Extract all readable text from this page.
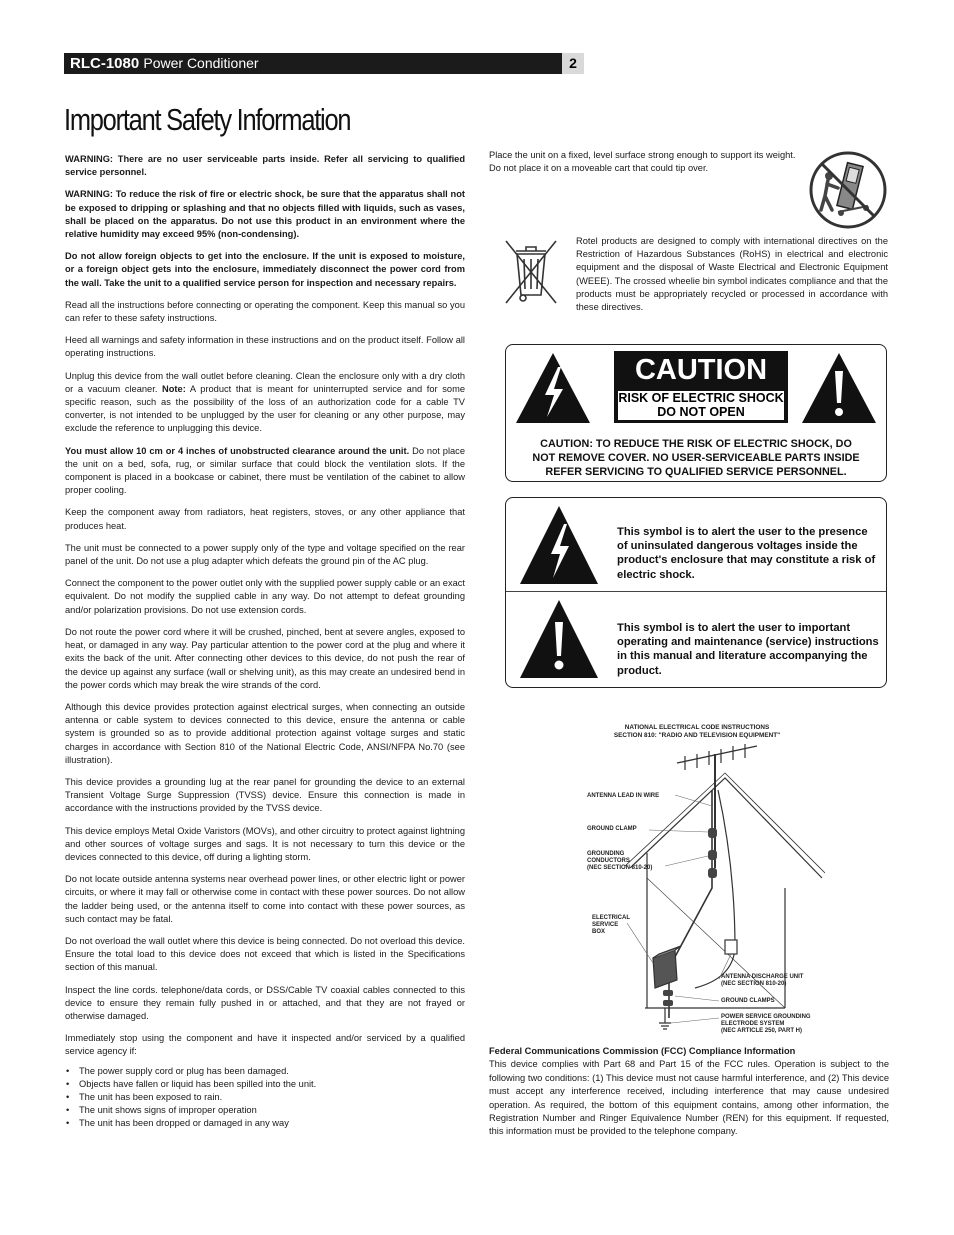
RLC-1080 Power Conditioner	2
Important Safety Information

WARNING: There are no user serviceable parts inside. Refer all servicing to qualified service personnel.

WARNING: To reduce the risk of fire or electric shock, be sure that the apparatus shall not be exposed to dripping or splashing and that no objects filled with liquids, such as vases, shall be placed on the apparatus. Do not use this product in an environment where the relative humidity may exceed 95% (non-condensing).

Do not allow foreign objects to get into the enclosure. If the unit is exposed to moisture, or a foreign object gets into the enclosure, immediately disconnect the power cord from the wall. Take the unit to a qualified service person for inspection and necessary repairs.

Read all the instructions before connecting or operating the component. Keep this manual so you can refer to these safety instructions.

Heed all warnings and safety information in these instructions and on the product itself. Follow all operating instructions.

Unplug this device from the wall outlet before cleaning. Clean the enclosure only with a dry cloth or a vacuum cleaner. Note: A product that is meant for uninterrupted service and for some specific reason, such as the possibility of the loss of an authorization code for a cable TV converter, is not intended to be unplugged by the user for cleaning or any other purpose, may exclude the reference to unplugging this device.

You must allow 10 cm or 4 inches of unobstructed clearance around the unit. Do not place the unit on a bed, sofa, rug, or similar surface that could block the ventilation slots. If the component is placed in a bookcase or cabinet, there must be ventilation of the cabinet to allow proper cooling.

Keep the component away from radiators, heat registers, stoves, or any other appliance that produces heat.

The unit must be connected to a power supply only of the type and voltage specified on the rear panel of the unit. Do not use a plug adapter which defeats the ground pin of the AC plug.

Connect the component to the power outlet only with the supplied power supply cable or an exact equivalent. Do not modify the supplied cable in any way. Do not attempt to defeat grounding and/or polarization provisions. Do not use extension cords.

Do not route the power cord where it will be crushed, pinched, bent at severe angles, exposed to heat, or damaged in any way. Pay particular attention to the power cord at the plug and where it exits the back of the unit. After connecting other devices to this device, do not push the rear of the device up against any surface (wall or shelving unit), as this may create an undesired bend in the power cords which may break the wire strands of the cord.

Although this device provides protection against electrical surges, when connecting an outside antenna or cable system to devices connected to this device, ensure the antenna or cable system is grounded so as to provide additional protection against voltage surges and static charges in accordance with Section 810 of the National Electric Code, ANSI/NFPA No.70 (see illustration).

This device provides a grounding lug at the rear panel for grounding the device to an external Transient Voltage Surge Suppression (TVSS) device. Ensure this connection is made in accordance with the instructions provided by the TVSS device.

This device employs Metal Oxide Varistors (MOVs), and other circuitry to protect against lightning and other sources of voltage surges and sags. It is not necessary to turn this device or the devices connected to this device, off during a lighting storm.

Do not locate outside antenna systems near overhead power lines, or other electric light or power circuits, or where it may fall or otherwise come in contact with these power sources. Do not allow the ladder being used, or the antenna itself to come into contact with these power sources, as such contact may be fatal.

Do not overload the wall outlet where this device is being connected. Do not overload this device. Ensure the total load to this device does not exceed that which is listed in the Specifications section of this manual.

Inspect the line cords. telephone/data cords, or DSS/Cable TV coaxial cables connected to this device to ensure they remain fully pushed in or attached, and that they are not frayed or otherwise damaged.

Immediately stop using the component and have it inspected and/or serviced by a qualified service agency if:

• The power supply cord or plug has been damaged.
• Objects have fallen or liquid has been spilled into the unit.
• The unit has been exposed to rain.
• The unit shows signs of improper operation
• The unit has been dropped or damaged in any way

Place the unit on a fixed, level surface strong enough to support its weight.

Do not place it on a moveable cart that could tip over.

Rotel products are designed to comply with international directives on the Restriction of Hazardous Substances (RoHS) in electrical and electronic equipment and the disposal of Waste Electrical and Electronic Equipment (WEEE). The crossed wheelie bin symbol indicates compliance and that the products must be appropriately recycled or processed in accordance with these directives.

CAUTION
RISK OF ELECTRIC SHOCK
DO NOT OPEN
CAUTION: TO REDUCE THE RISK OF ELECTRIC SHOCK, DO
NOT REMOVE COVER. NO USER-SERVICEABLE PARTS INSIDE
REFER SERVICING TO QUALIFIED SERVICE PERSONNEL.
This symbol is to alert the user to the presence of uninsulated dangerous voltages inside the product's enclosure that may constitute a risk of electric shock.
This symbol is to alert the user to important operating and maintenance (service) instructions in this manual and literature accompanying the product.
NATIONAL ELECTRICAL CODE INSTRUCTIONS
SECTION 810: "RADIO AND TELEVISION EQUIPMENT"
ANTENNA LEAD IN WIRE
GROUND CLAMP
GROUNDING
CONDUCTORS
(NEC SECTION 810-20)
ELECTRICAL
SERVICE
BOX
ANTENNA DISCHARGE UNIT
(NEC SECTION 810-20)
GROUND CLAMPS
POWER SERVICE GROUNDING
ELECTRODE SYSTEM
(NEC ARTICLE 250, PART H)

Federal Communications Commission (FCC) Compliance Information

This device complies with Part 68 and Part 15 of the FCC rules. Operation is subject to the following two conditions: (1) This device must not cause harmful interference, and (2) This device must accept any interference received, including interference that may cause undesired operation. As required, the bottom of this equipment contains, among other information, the Registration Number and Ringer Equivalence Number (REN) for this equipment. If requested, this information must be provided to the telephone company.
